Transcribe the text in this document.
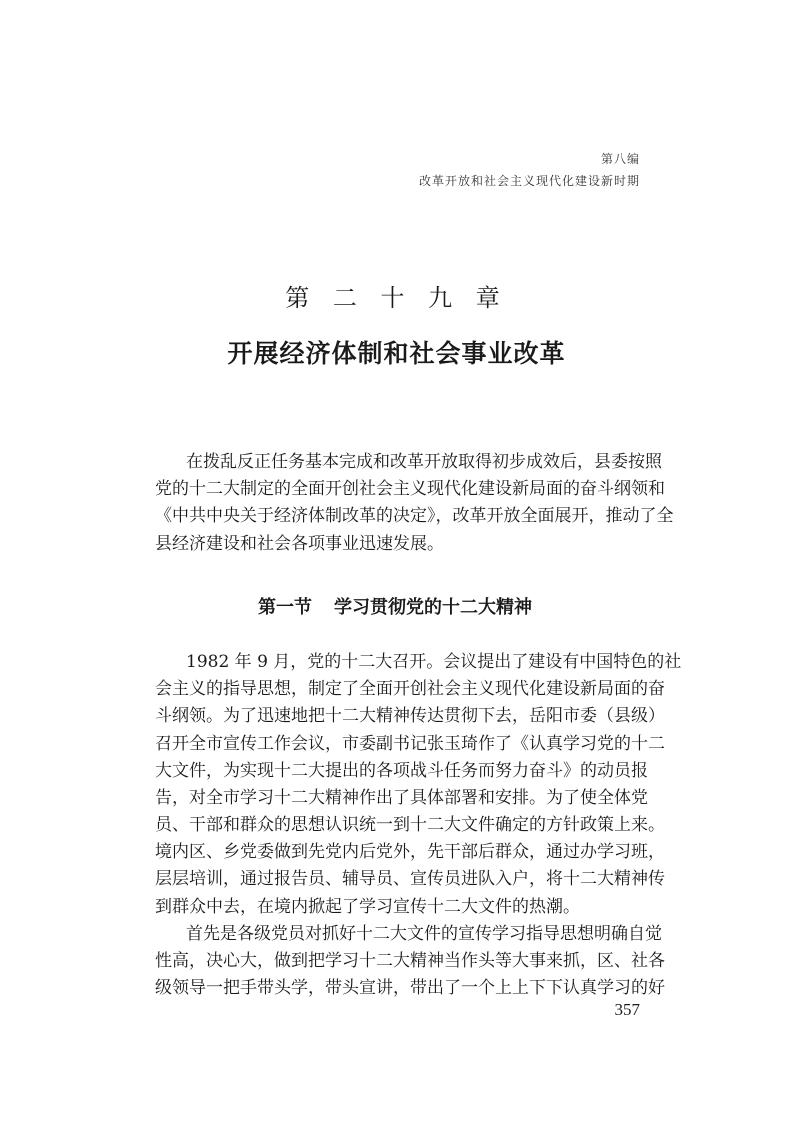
第八编
改革开放和社会主义现代化建设新时期
第 二 十 九 章
开展经济体制和社会事业改革
在拨乱反正任务基本完成和改革开放取得初步成效后，县委按照
党的十二大制定的全面开创社会主义现代化建设新局面的奋斗纲领和
《中共中央关于经济体制改革的决定》，改革开放全面展开，推动了全
县经济建设和社会各项事业迅速发展。
第一节 学习贯彻党的十二大精神
1982 年 9 月，党的十二大召开。会议提出了建设有中国特色的社
会主义的指导思想，制定了全面开创社会主义现代化建设新局面的奋
斗纲领。为了迅速地把十二大精神传达贯彻下去，岳阳市委（县级）
召开全市宣传工作会议，市委副书记张玉琦作了《认真学习党的十二
大文件，为实现十二大提出的各项战斗任务而努力奋斗》的动员报
告，对全市学习十二大精神作出了具体部署和安排。为了使全体党
员、干部和群众的思想认识统一到十二大文件确定的方针政策上来。
境内区、乡党委做到先党内后党外，先干部后群众，通过办学习班，
层层培训，通过报告员、辅导员、宣传员进队入户，将十二大精神传
到群众中去，在境内掀起了学习宣传十二大文件的热潮。
首先是各级党员对抓好十二大文件的宣传学习指导思想明确自觉
性高，决心大，做到把学习十二大精神当作头等大事来抓，区、社各
级领导一把手带头学，带头宣讲，带出了一个上上下下认真学习的好
357
